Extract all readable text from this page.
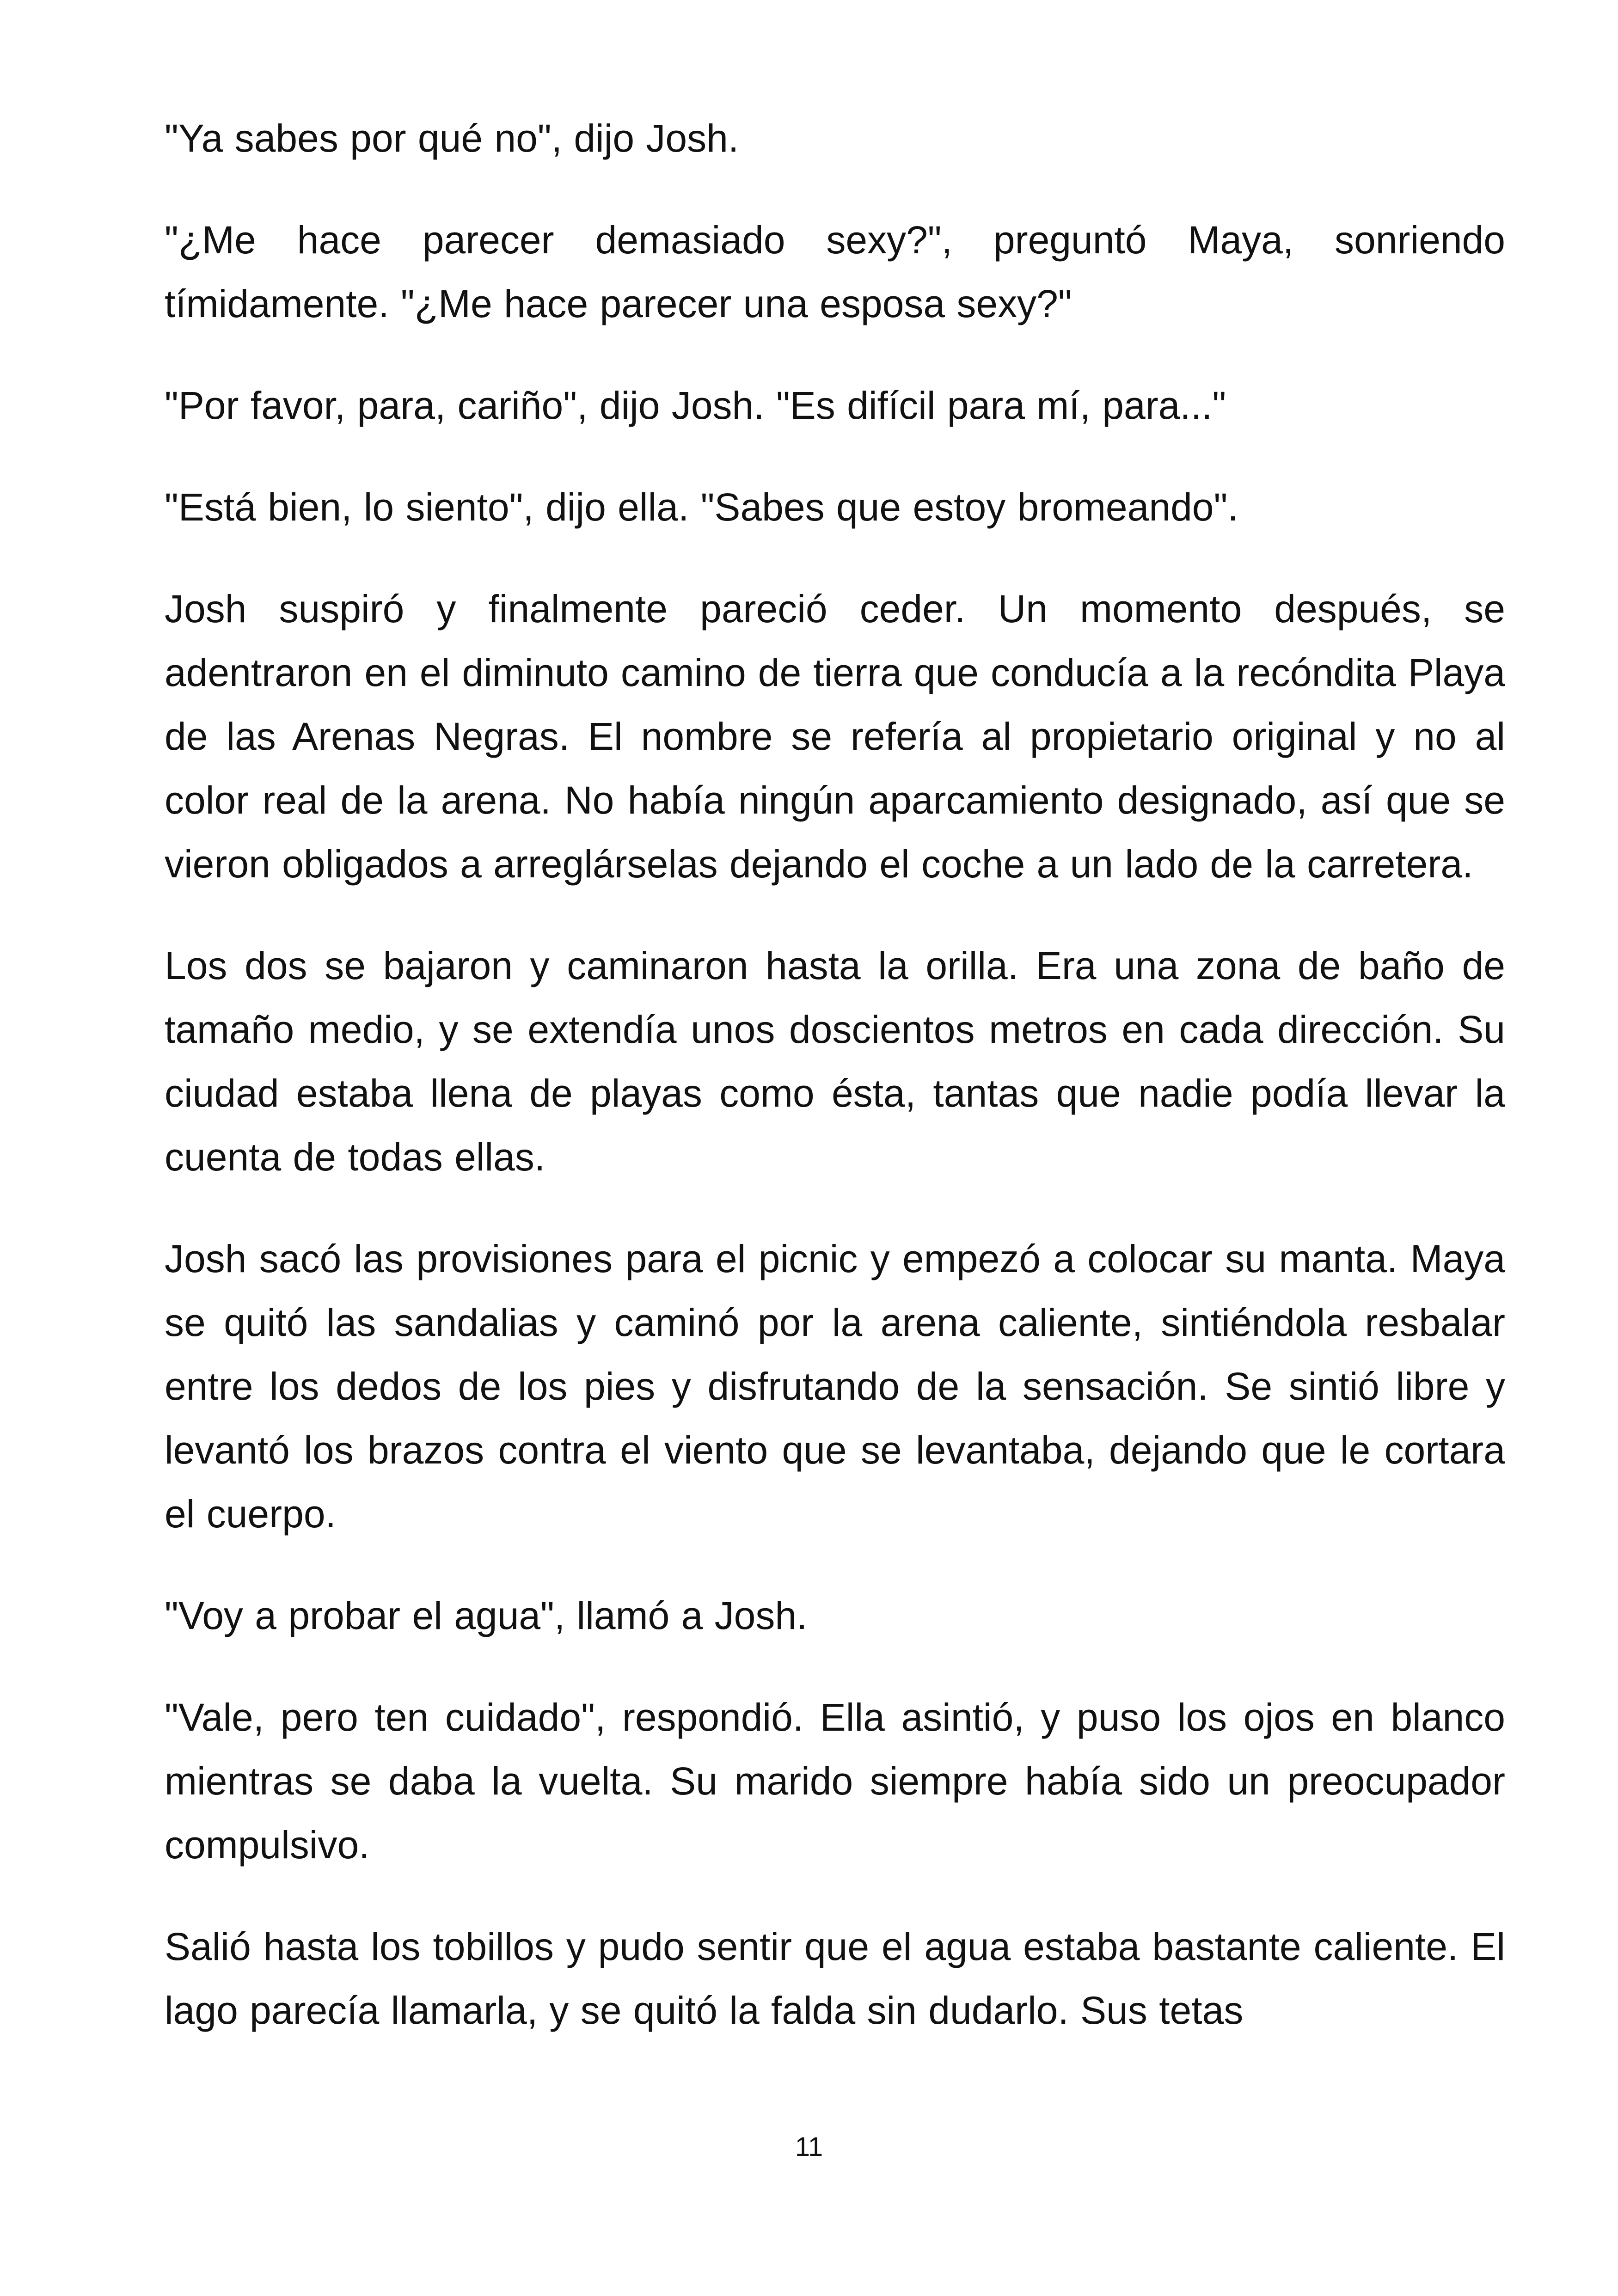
"Ya sabes por qué no", dijo Josh.

"¿Me hace parecer demasiado sexy?", preguntó Maya, sonriendo tímidamente. "¿Me hace parecer una esposa sexy?"

"Por favor, para, cariño", dijo Josh. "Es difícil para mí, para..."

"Está bien, lo siento", dijo ella. "Sabes que estoy bromeando".

Josh suspiró y finalmente pareció ceder. Un momento después, se adentraron en el diminuto camino de tierra que conducía a la recóndita Playa de las Arenas Negras. El nombre se refería al propietario original y no al color real de la arena. No había ningún aparcamiento designado, así que se vieron obligados a arreglárselas dejando el coche a un lado de la carretera.

Los dos se bajaron y caminaron hasta la orilla. Era una zona de baño de tamaño medio, y se extendía unos doscientos metros en cada dirección. Su ciudad estaba llena de playas como ésta, tantas que nadie podía llevar la cuenta de todas ellas.

Josh sacó las provisiones para el picnic y empezó a colocar su manta. Maya se quitó las sandalias y caminó por la arena caliente, sintiéndola resbalar entre los dedos de los pies y disfrutando de la sensación. Se sintió libre y levantó los brazos contra el viento que se levantaba, dejando que le cortara el cuerpo.

"Voy a probar el agua", llamó a Josh.

"Vale, pero ten cuidado", respondió. Ella asintió, y puso los ojos en blanco mientras se daba la vuelta. Su marido siempre había sido un preocupador compulsivo.

Salió hasta los tobillos y pudo sentir que el agua estaba bastante caliente. El lago parecía llamarla, y se quitó la falda sin dudarlo. Sus tetas

11
